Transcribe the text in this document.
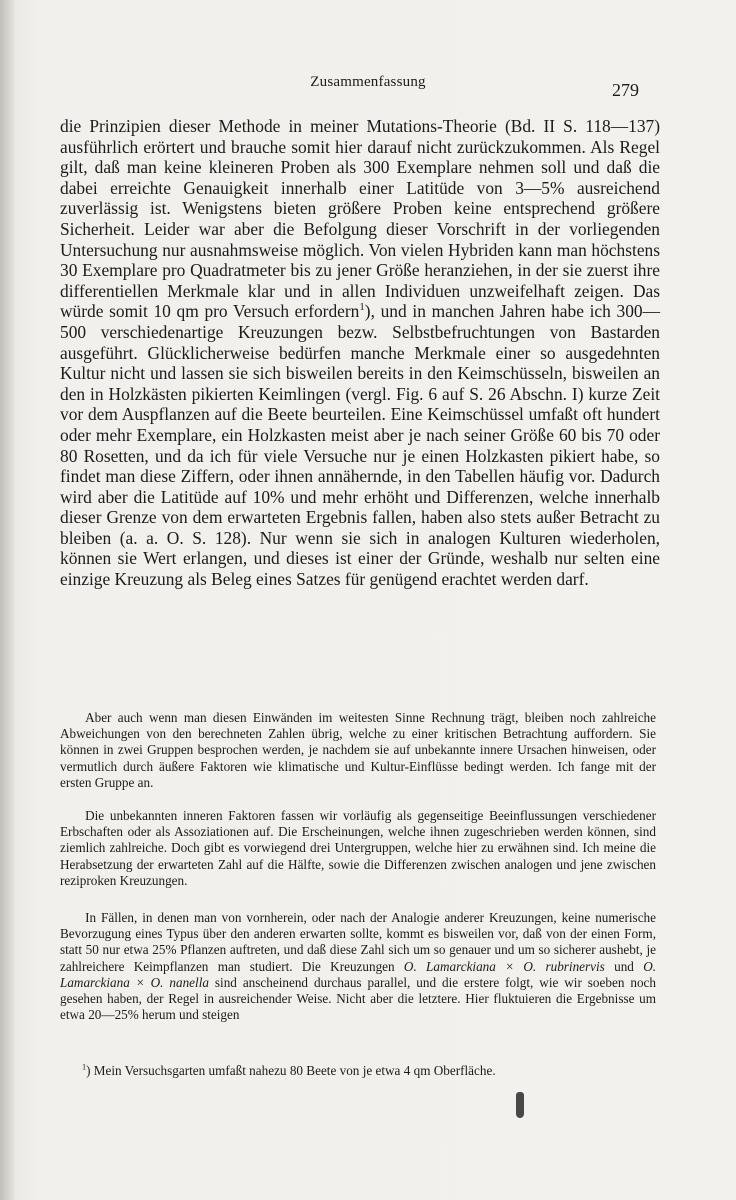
Zusammenfassung	279

die Prinzipien dieser Methode in meiner Mutations-Theorie (Bd. II S. 118—137) ausführlich erörtert und brauche somit hier darauf nicht zurückzukommen. Als Regel gilt, daß man keine kleineren Proben als 300 Exemplare nehmen soll und daß die dabei erreichte Genauigkeit innerhalb einer Latitüde von 3—5% ausreichend zuverlässig ist. Wenigstens bieten größere Proben keine entsprechend größere Sicherheit. Leider war aber die Befolgung dieser Vorschrift in der vorliegenden Untersuchung nur ausnahmsweise möglich. Von vielen Hybriden kann man höchstens 30 Exemplare pro Quadratmeter bis zu jener Größe heranziehen, in der sie zuerst ihre differentiellen Merkmale klar und in allen Individuen unzweifelhaft zeigen. Das würde somit 10 qm pro Versuch erfordern$^1$), und in manchen Jahren habe ich 300—500 verschiedenartige Kreuzungen bezw. Selbstbefruchtungen von Bastarden ausgeführt. Glücklicherweise bedürfen manche Merkmale einer so ausgedehnten Kultur nicht und lassen sie sich bisweilen bereits in den Keimschüsseln, bisweilen an den in Holzkästen pikierten Keimlingen (vergl. Fig. 6 auf S. 26 Abschn. I) kurze Zeit vor dem Auspflanzen auf die Beete beurteilen. Eine Keimschüssel umfaßt oft hundert oder mehr Exemplare, ein Holzkasten meist aber je nach seiner Größe 60 bis 70 oder 80 Rosetten, und da ich für viele Versuche nur je einen Holzkasten pikiert habe, so findet man diese Ziffern, oder ihnen annähernde, in den Tabellen häufig vor. Dadurch wird aber die Latitüde auf 10% und mehr erhöht und Differenzen, welche innerhalb dieser Grenze von dem erwarteten Ergebnis fallen, haben also stets außer Betracht zu bleiben (a. a. O. S. 128). Nur wenn sie sich in analogen Kulturen wiederholen, können sie Wert erlangen, und dieses ist einer der Gründe, weshalb nur selten eine einzige Kreuzung als Beleg eines Satzes für genügend erachtet werden darf.

Aber auch wenn man diesen Einwänden im weitesten Sinne Rechnung trägt, bleiben noch zahlreiche Abweichungen von den berechneten Zahlen übrig, welche zu einer kritischen Betrachtung auffordern. Sie können in zwei Gruppen besprochen werden, je nachdem sie auf unbekannte innere Ursachen hinweisen, oder vermutlich durch äußere Faktoren wie klimatische und Kultur-Einflüsse bedingt werden. Ich fange mit der ersten Gruppe an.

Die unbekannten inneren Faktoren fassen wir vorläufig als gegenseitige Beeinflussungen verschiedener Erbschaften oder als Assoziationen auf. Die Erscheinungen, welche ihnen zugeschrieben werden können, sind ziemlich zahlreiche. Doch gibt es vorwiegend drei Untergruppen, welche hier zu erwähnen sind. Ich meine die Herabsetzung der erwarteten Zahl auf die Hälfte, sowie die Differenzen zwischen analogen und jene zwischen reziproken Kreuzungen.

In Fällen, in denen man von vornherein, oder nach der Analogie anderer Kreuzungen, keine numerische Bevorzugung eines Typus über den anderen erwarten sollte, kommt es bisweilen vor, daß von der einen Form, statt 50 nur etwa 25% Pflanzen auftreten, und daß diese Zahl sich um so genauer und um so sicherer aushebt, je zahlreichere Keimpflanzen man studiert. Die Kreuzungen O. Lamarckiana × O. rubrinervis und O. Lamarckiana × O. nanella sind anscheinend durchaus parallel, und die erstere folgt, wie wir soeben noch gesehen haben, der Regel in ausreichender Weise. Nicht aber die letztere. Hier fluktuieren die Ergebnisse um etwa 20—25% herum und steigen

$^1$) Mein Versuchsgarten umfaßt nahezu 80 Beete von je etwa 4 qm Oberfläche.
